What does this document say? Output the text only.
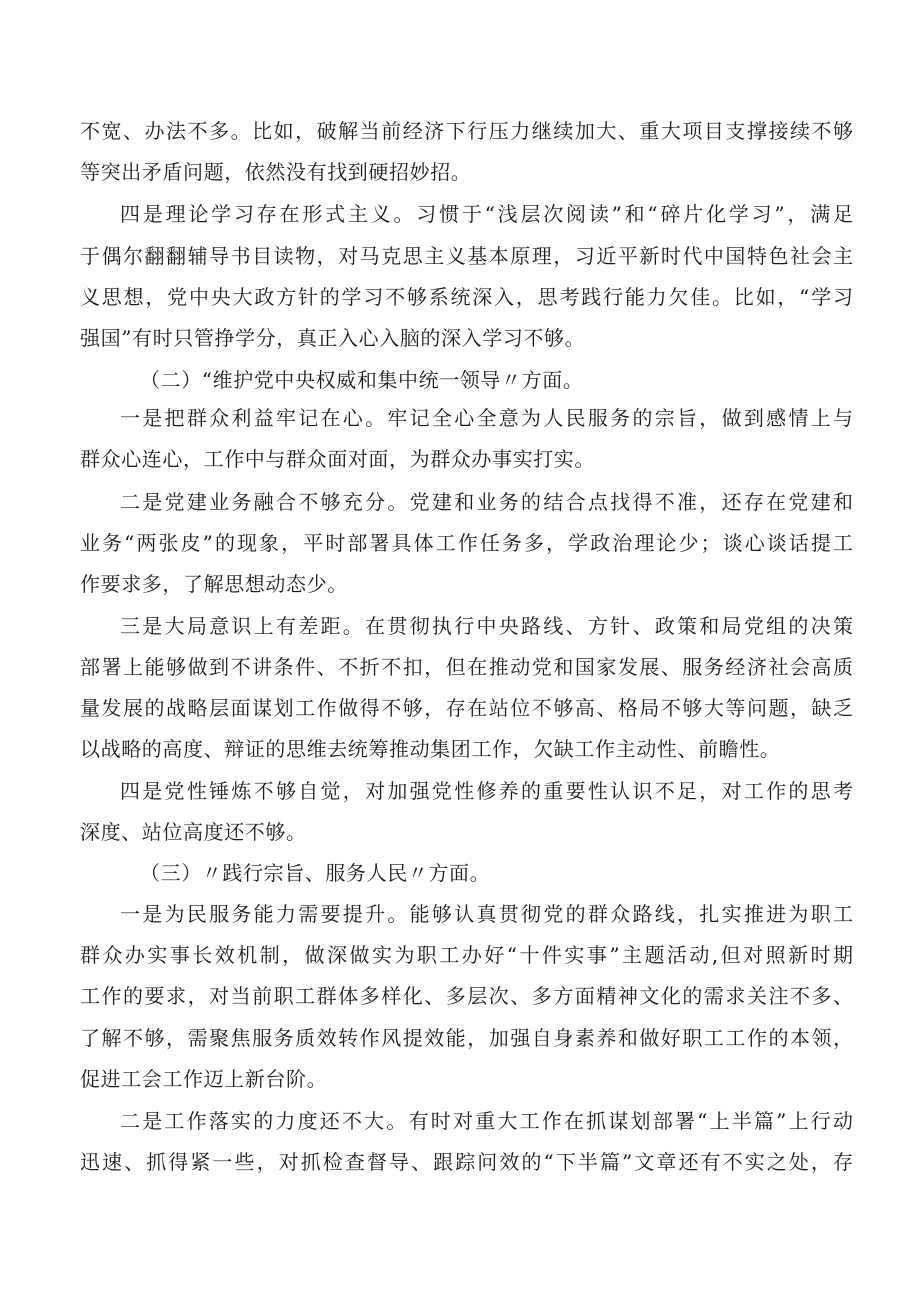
不宽、办法不多。比如，破解当前经济下行压力继续加大、重大项目支撑接续不够
等突出矛盾问题，依然没有找到硬招妙招。
四是理论学习存在形式主义。习惯于“浅层次阅读”和“碎片化学习”，满足
于偶尔翻翻辅导书目读物，对马克思主义基本原理，习近平新时代中国特色社会主
义思想，党中央大政方针的学习不够系统深入，思考践行能力欠佳。比如，“学习
强国”有时只管挣学分，真正入心入脑的深入学习不够。
（二）“维护党中央权威和集中统一领导〃方面。
一是把群众利益牢记在心。牢记全心全意为人民服务的宗旨，做到感情上与
群众心连心，工作中与群众面对面，为群众办事实打实。
二是党建业务融合不够充分。党建和业务的结合点找得不准，还存在党建和
业务“两张皮”的现象，平时部署具体工作任务多，学政治理论少；谈心谈话提工
作要求多，了解思想动态少。
三是大局意识上有差距。在贯彻执行中央路线、方针、政策和局党组的决策
部署上能够做到不讲条件、不折不扣，但在推动党和国家发展、服务经济社会高质
量发展的战略层面谋划工作做得不够，存在站位不够高、格局不够大等问题，缺乏
以战略的高度、辩证的思维去统筹推动集团工作，欠缺工作主动性、前瞻性。
四是党性锤炼不够自觉，对加强党性修养的重要性认识不足，对工作的思考
深度、站位高度还不够。
（三）〃践行宗旨、服务人民〃方面。
一是为民服务能力需要提升。能够认真贯彻党的群众路线，扎实推进为职工
群众办实事长效机制，做深做实为职工办好“十件实事”主题活动,但对照新时期
工作的要求，对当前职工群体多样化、多层次、多方面精神文化的需求关注不多、
了解不够，需聚焦服务质效转作风提效能，加强自身素养和做好职工工作的本领，
促进工会工作迈上新台阶。
二是工作落实的力度还不大。有时对重大工作在抓谋划部署“上半篇”上行动
迅速、抓得紧一些，对抓检查督导、跟踪问效的“下半篇”文章还有不实之处，存
